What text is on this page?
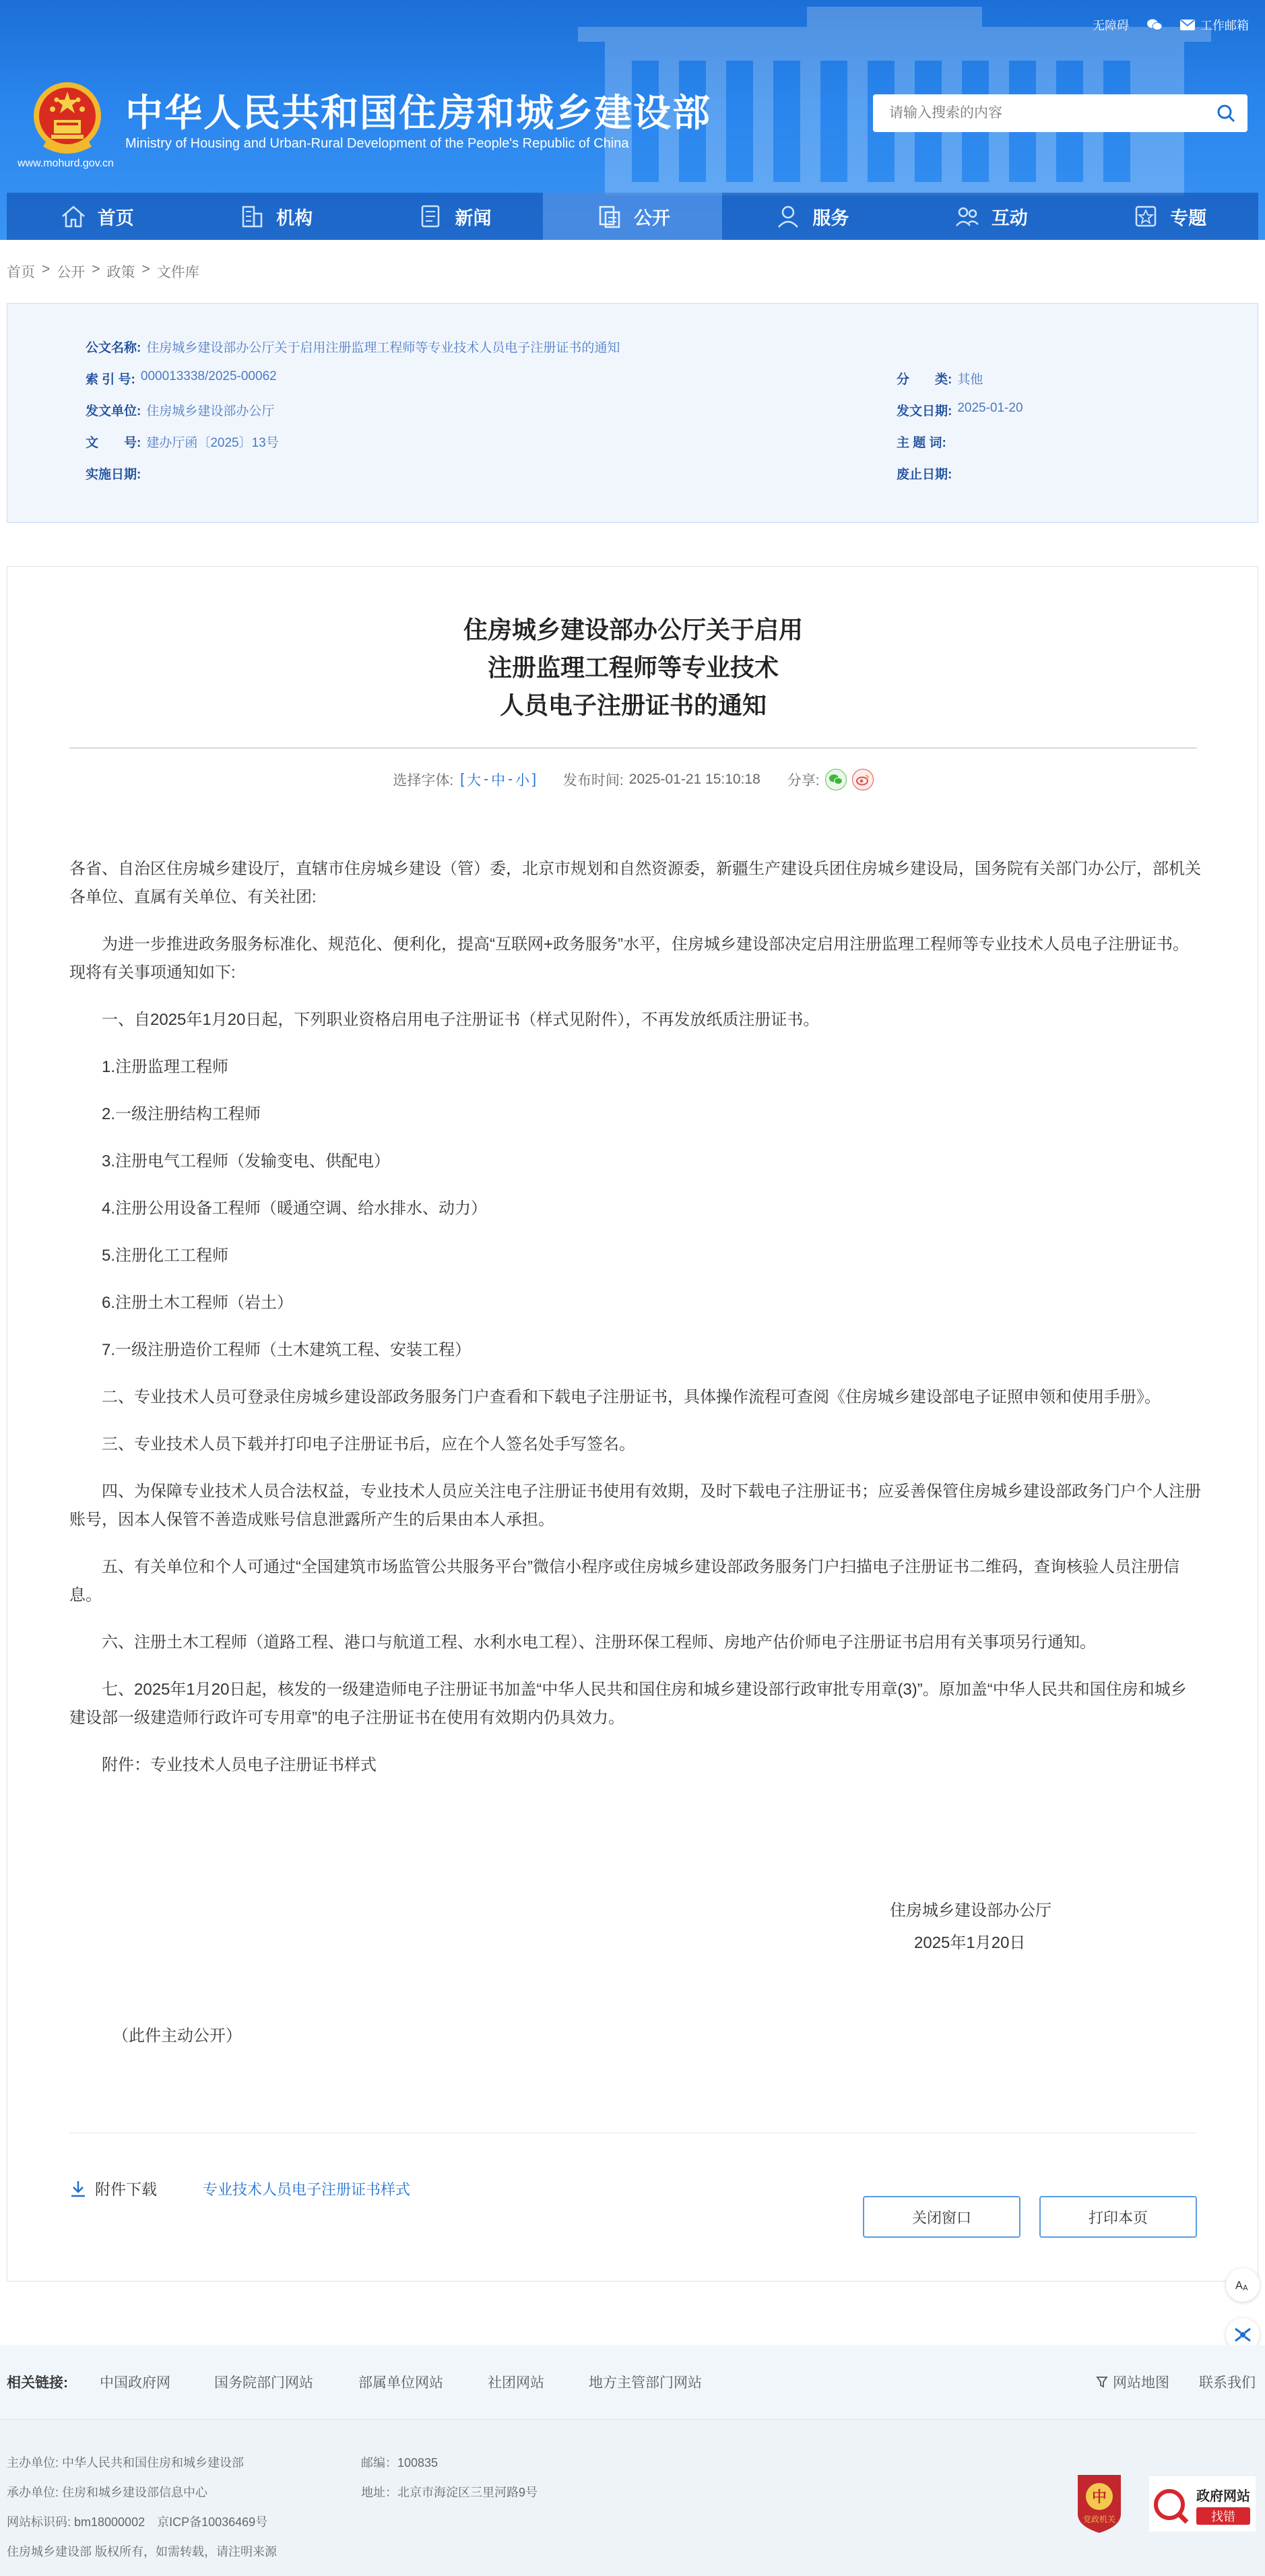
无障碍	工作邮箱
中华人民共和国住房和城乡建设部
Ministry of Housing and Urban-Rural Development of the People's Republic of China
www.mohurd.gov.cn
请输入搜索的内容
首页	机构	新闻	公开	服务	互动	专题
首页 > 公开 > 政策 > 文件库
公文名称: 住房城乡建设部办公厅关于启用注册监理工程师等专业技术人员电子注册证书的通知
索 引 号: 000013338/2025-00062	分　　类: 其他
发文单位: 住房城乡建设部办公厅	发文日期: 2025-01-20
文　　号: 建办厅函〔2025〕13号	主 题 词:
实施日期:	废止日期:
住房城乡建设部办公厅关于启用
注册监理工程师等专业技术
人员电子注册证书的通知
选择字体: [ 大 - 中 - 小 ] 发布时间: 2025-01-21 15:10:18 分享:

各省、自治区住房城乡建设厅，直辖市住房城乡建设（管）委，北京市规划和自然资源委，新疆生产建设兵团住房城乡建设局，国务院有关部门办公厅，部机关各单位、直属有关单位、有关社团:

为进一步推进政务服务标准化、规范化、便利化，提高“互联网+政务服务”水平，住房城乡建设部决定启用注册监理工程师等专业技术人员电子注册证书。现将有关事项通知如下:

一、自2025年1月20日起，下列职业资格启用电子注册证书（样式见附件），不再发放纸质注册证书。

1.注册监理工程师

2.一级注册结构工程师

3.注册电气工程师（发输变电、供配电）

4.注册公用设备工程师（暖通空调、给水排水、动力）

5.注册化工工程师

6.注册土木工程师（岩土）

7.一级注册造价工程师（土木建筑工程、安装工程）

二、专业技术人员可登录住房城乡建设部政务服务门户查看和下载电子注册证书，具体操作流程可查阅《住房城乡建设部电子证照申领和使用手册》。

三、专业技术人员下载并打印电子注册证书后，应在个人签名处手写签名。

四、为保障专业技术人员合法权益，专业技术人员应关注电子注册证书使用有效期，及时下载电子注册证书；应妥善保管住房城乡建设部政务门户个人注册账号，因本人保管不善造成账号信息泄露所产生的后果由本人承担。

五、有关单位和个人可通过“全国建筑市场监管公共服务平台”微信小程序或住房城乡建设部政务服务门户扫描电子注册证书二维码，查询核验人员注册信息。

六、注册土木工程师（道路工程、港口与航道工程、水利水电工程）、注册环保工程师、房地产估价师电子注册证书启用有关事项另行通知。

七、2025年1月20日起，核发的一级建造师电子注册证书加盖“中华人民共和国住房和城乡建设部行政审批专用章(3)”。原加盖“中华人民共和国住房和城乡建设部一级建造师行政许可专用章”的电子注册证书在使用有效期内仍具效力。

附件：专业技术人员电子注册证书样式

住房城乡建设部办公厅
2025年1月20日
（此件主动公开）
附件下载	专业技术人员电子注册证书样式
关闭窗口	打印本页
A A
相关链接: 中国政府网	国务院部门网站	部属单位网站	社团网站	地方主管部门网站	网站地图 联系我们
主办单位: 中华人民共和国住房和城乡建设部
承办单位: 住房和城乡建设部信息中心
网站标识码: bm18000002　京ICP备10036469号
住房城乡建设部 版权所有，如需转载，请注明来源
邮编：100835
地址：北京市海淀区三里河路9号	中
党政机关
政府网站
找错
